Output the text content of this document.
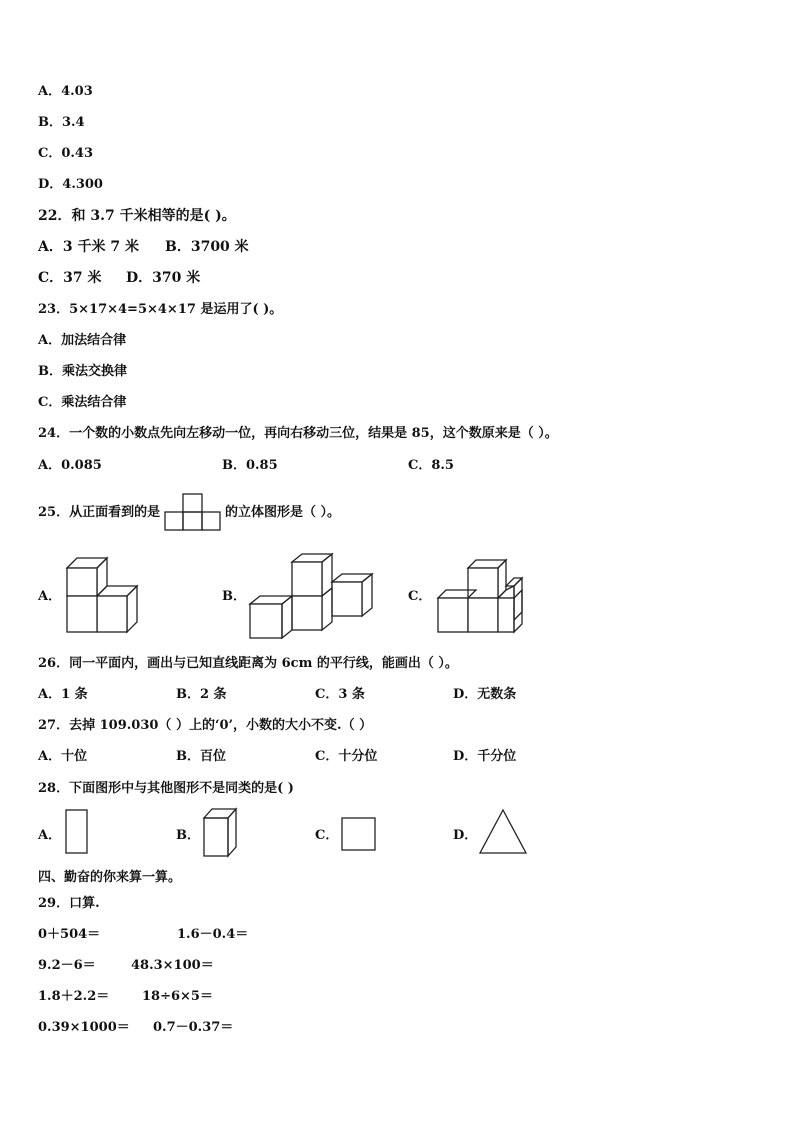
A．4.03
B．3.4
C．0.43
D．4.300
22．和 3.7 千米相等的是( )。
A．3 千米 7 米 B．3700 米
C．37 米 D．370 米
23．5×17×4=5×4×17 是运用了( )。
A．加法结合律
B．乘法交换律
C．乘法结合律
24．一个数的小数点先向左移动一位，再向右移动三位，结果是 85，这个数原来是（ ）。
A．0.085	B．0.85	C．8.5
25．从正面看到的是	的立体图形是（ ）。
A．	B．	C．
26．同一平面内，画出与已知直线距离为 6cm 的平行线，能画出（ ）。
A．1 条	B．2 条	C．3 条	D．无数条
27．去掉 109.030（ ）上的‘0’，小数的大小不变.（ ）
A．十位	B．百位	C．十分位	D．千分位
28．下面图形中与其他图形不是同类的是( )
A．	B．	C．	D．
四、勤奋的你来算一算。
29．口算.
0＋504＝	1.6－0.4＝
9.2－6＝	48.3×100＝
1.8＋2.2＝	18÷6×5＝
0.39×1000＝ 0.7－0.37＝
